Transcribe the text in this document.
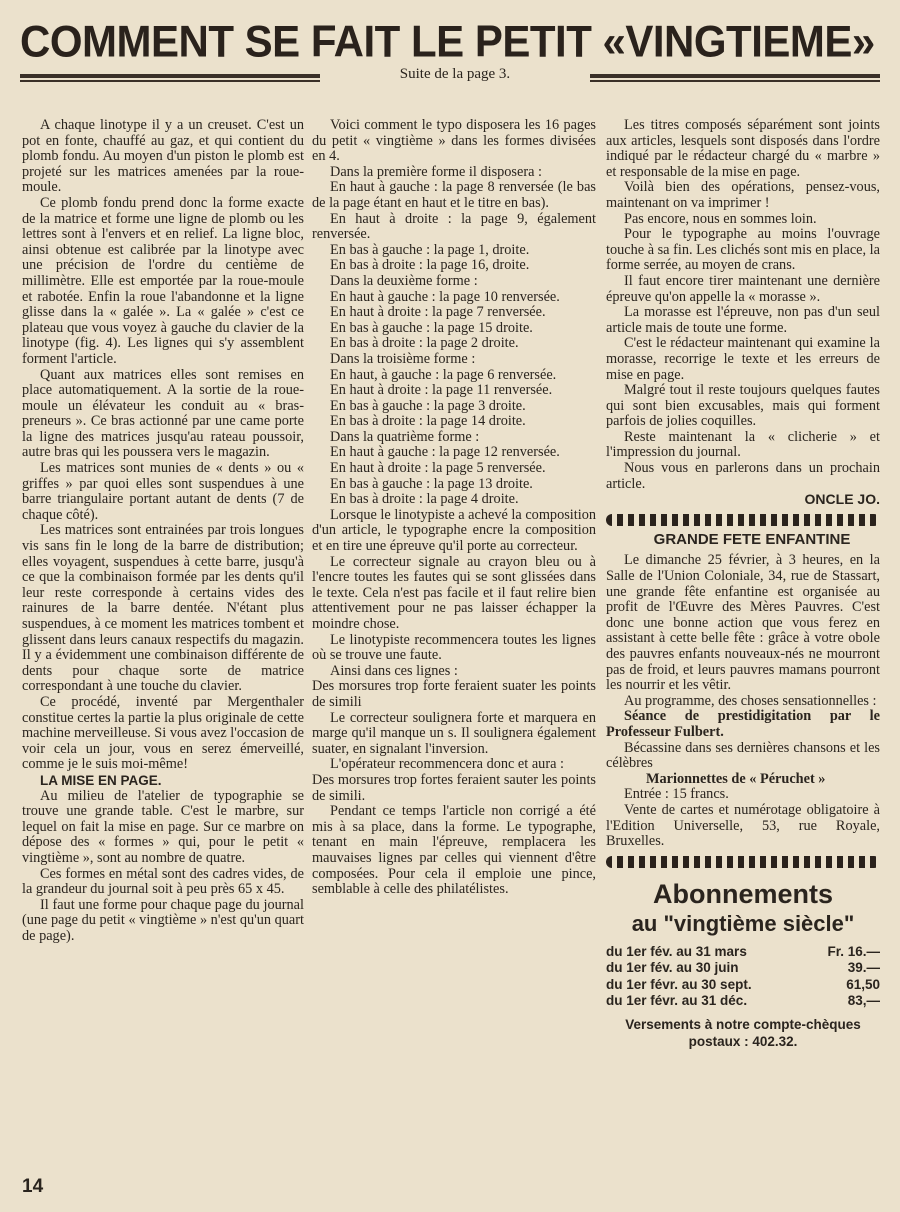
COMMENT SE FAIT LE PETIT «VINGTIEME»
Suite de la page 3.

A chaque linotype il y a un creuset. C'est un pot en fonte, chauffé au gaz, et qui contient du plomb fondu. Au moyen d'un piston le plomb est projeté sur les matrices amenées par la roue-moule.

Ce plomb fondu prend donc la forme exacte de la matrice et forme une ligne de plomb ou les lettres sont à l'envers et en relief. La ligne bloc, ainsi obtenue est calibrée par la linotype avec une précision de l'ordre du centième de millimètre. Elle est emportée par la roue-moule et rabotée. Enfin la roue l'abandonne et la ligne glisse dans la « galée ». La « galée » c'est ce plateau que vous voyez à gauche du clavier de la linotype (fig. 4). Les lignes qui s'y assemblent forment l'article.

Quant aux matrices elles sont remises en place automatiquement. A la sortie de la roue-moule un élévateur les conduit au « bras-preneurs ». Ce bras actionné par une came porte la ligne des matrices jusqu'au rateau poussoir, autre bras qui les poussera vers le magazin.

Les matrices sont munies de « dents » ou « griffes » par quoi elles sont suspendues à une barre triangulaire portant autant de dents (7 de chaque côté).

Les matrices sont entrainées par trois longues vis sans fin le long de la barre de distribution; elles voyagent, suspendues à cette barre, jusqu'à ce que la combinaison formée par les dents qu'il leur reste corresponde à certains vides des rainures de la barre dentée. N'étant plus suspendues, à ce moment les matrices tombent et glissent dans leurs canaux respectifs du magazin. Il y a évidemment une combinaison différente de dents pour chaque sorte de matrice correspondant à une touche du clavier.

Ce procédé, inventé par Mergenthaler constitue certes la partie la plus originale de cette machine merveilleuse. Si vous avez l'occasion de voir cela un jour, vous en serez émerveillé, comme je le suis moi-même!

LA MISE EN PAGE.

Au milieu de l'atelier de typographie se trouve une grande table. C'est le marbre, sur lequel on fait la mise en page. Sur ce marbre on dépose des « formes » qui, pour le petit « vingtième », sont au nombre de quatre.

Ces formes en métal sont des cadres vides, de la grandeur du journal soit à peu près 65 x 45.

Il faut une forme pour chaque page du journal (une page du petit « vingtième » n'est qu'un quart de page).

Voici comment le typo disposera les 16 pages du petit « vingtième » dans les formes divisées en 4.

Dans la première forme il disposera :

En haut à gauche : la page 8 renversée (le bas de la page étant en haut et le titre en bas).

En haut à droite : la page 9, également renversée.

En bas à gauche : la page 1, droite.

En bas à droite : la page 16, droite.

Dans la deuxième forme :

En haut à gauche : la page 10 renversée.

En haut à droite : la page 7 renversée.

En bas à gauche : la page 15 droite.

En bas à droite : la page 2 droite.

Dans la troisième forme :

En haut, à gauche : la page 6 renversée.

En haut à droite : la page 11 renversée.

En bas à gauche : la page 3 droite.

En bas à droite : la page 14 droite.

Dans la quatrième forme :

En haut à gauche : la page 12 renversée.

En haut à droite : la page 5 renversée.

En bas à gauche : la page 13 droite.

En bas à droite : la page 4 droite.

Lorsque le linotypiste a achevé la composition d'un article, le typographe encre la composition et en tire une épreuve qu'il porte au correcteur.

Le correcteur signale au crayon bleu ou à l'encre toutes les fautes qui se sont glissées dans le texte. Cela n'est pas facile et il faut relire bien attentivement pour ne pas laisser échapper la moindre chose.

Le linotypiste recommencera toutes les lignes où se trouve une faute.

Ainsi dans ces lignes :

Des morsures trop forte feraient suater les points de simili

Le correcteur soulignera forte et marquera en marge qu'il manque un s. Il soulignera également suater, en signalant l'inversion.

L'opérateur recommencera donc et aura :

Des morsures trop fortes feraient sauter les points de simili.

Pendant ce temps l'article non corrigé a été mis à sa place, dans la forme. Le typographe, tenant en main l'épreuve, remplacera les mauvaises lignes par celles qui viennent d'être composées. Pour cela il emploie une pince, semblable à celle des philatélistes.

Les titres composés séparément sont joints aux articles, lesquels sont disposés dans l'ordre indiqué par le rédacteur chargé du « marbre » et responsable de la mise en page.

Voilà bien des opérations, pensez-vous, maintenant on va imprimer !

Pas encore, nous en sommes loin.

Pour le typographe au moins l'ouvrage touche à sa fin. Les clichés sont mis en place, la forme serrée, au moyen de crans.

Il faut encore tirer maintenant une dernière épreuve qu'on appelle la « morasse ».

La morasse est l'épreuve, non pas d'un seul article mais de toute une forme.

C'est le rédacteur maintenant qui examine la morasse, recorrige le texte et les erreurs de mise en page.

Malgré tout il reste toujours quelques fautes qui sont bien excusables, mais qui forment parfois de jolies coquilles.

Reste maintenant la « clicherie » et l'impression du journal.

Nous vous en parlerons dans un prochain article.

ONCLE JO.

GRANDE FETE ENFANTINE

Le dimanche 25 février, à 3 heures, en la Salle de l'Union Coloniale, 34, rue de Stassart, une grande fête enfantine est organisée au profit de l'Œuvre des Mères Pauvres. C'est donc une bonne action que vous ferez en assistant à cette belle fête : grâce à votre obole des pauvres enfants nouveaux-nés ne mourront pas de froid, et leurs pauvres mamans pourront les nourrir et les vêtir.

Au programme, des choses sensationnelles :

Séance de prestidigitation par le Professeur Fulbert.

Bécassine dans ses dernières chansons et les célèbres

Marionnettes de « Péruchet »

Entrée : 15 francs.

Vente de cartes et numérotage obligatoire à l'Edition Universelle, 53, rue Royale, Bruxelles.

Abonnements
au "vingtième siècle"
du 1er fév. au 31 mars	Fr. 16.—
du 1er fév. au 30 juin	39.—
du 1er févr. au 30 sept.	61,50
du 1er févr. au 31 déc.	83,—
Versements à notre compte-chèques postaux : 402.32.
14
